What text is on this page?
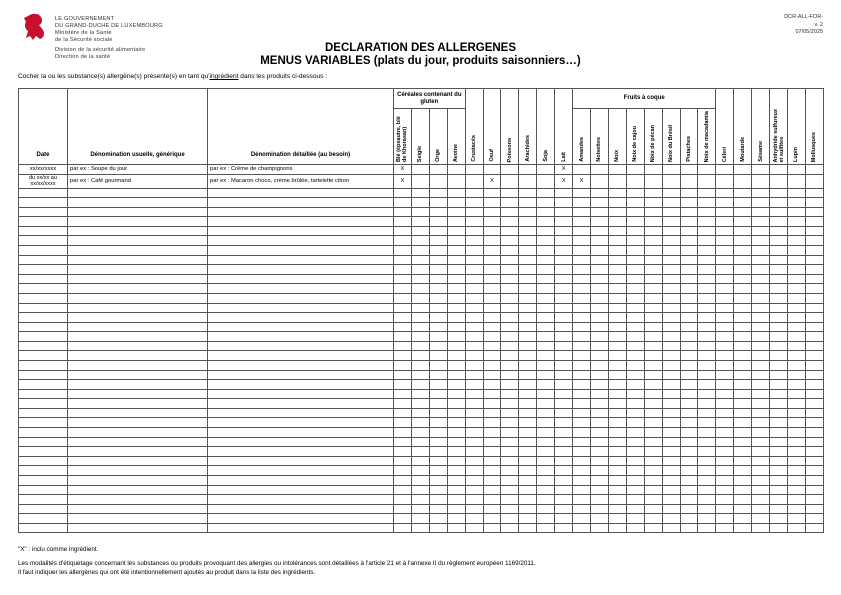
LE GOUVERNEMENT
DU GRAND-DUCHÉ DE LUXEMBOURG
Ministère de la Santé
de la Sécurité sociale
Division de la sécurité alimentaire
Direction de la santé
DCR-ALL-FOR-
v. 2
07/05/2025
DECLARATION DES ALLERGENES
MENUS VARIABLES (plats du jour, produits saisonniers…)
Cocher la ou les substance(s) allergène(s) présente(s) en tant qu'ingrédient dans les produits ci-dessous :
Date	Dénomination usuelle, générique	Dénomination détaillée (au besoin)	Céréales contenant du gluten										Fruits à coque													

			Blé (épeautre, blé de Khorasan)	Seigle	Orge	Avoine	Crustacés	Oeuf	Poissons	Arachides	Soja	Lait	Amandes	Noisettes	Noix	Noix de cajou	Noix de pécan	Noix du Brésil	Pistaches	Noix de macadamia	Céleri	Moutarde	Sésame	Anhydride sulfureux et sulfites	Lupin	Mollusques

xx/xx/xxxx	par ex : Soupe du jour	par ex : Crème de champignons	X									X														
du xx/xx au xx/xx/xxxx	par ex : Café gourmand	par ex : Macaron choco, crème brûlée, tartelette citron	X					X				X	X													

"X" : inclu comme ingrédient.
Les modalités d'étiquetage concernant les substances ou produits provoquant des allergies ou intolérances sont détaillées à l'article 21 et à l'annexe II du règlement européen 1169/2011.
Il faut indiquer les allergènes qui ont été intentionnellement ajoutés au produit dans la liste des ingrédients.
